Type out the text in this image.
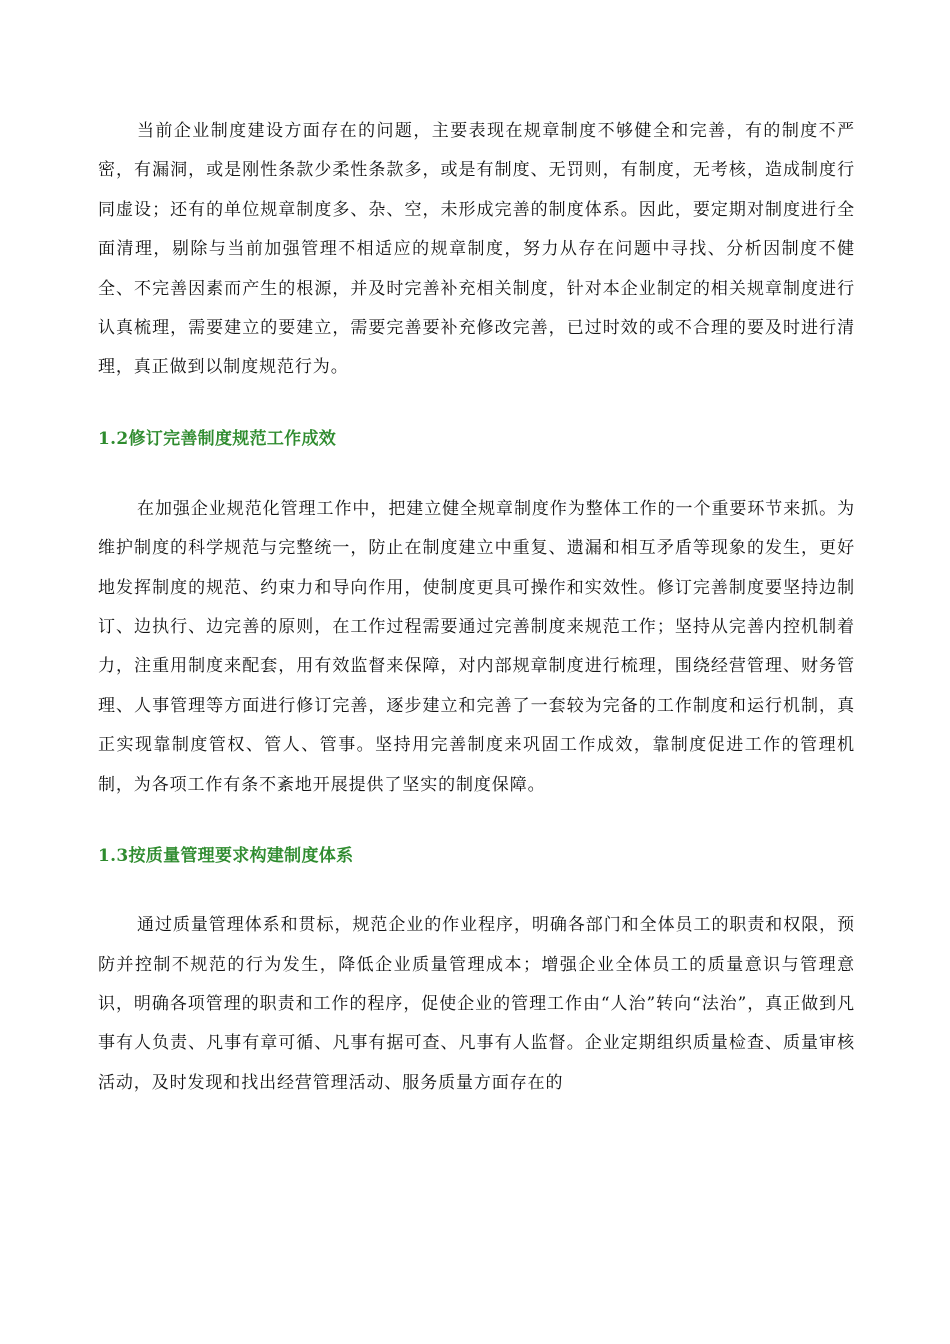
当前企业制度建设方面存在的问题，主要表现在规章制度不够健全和完善，有的制度不严密，有漏洞，或是刚性条款少柔性条款多，或是有制度、无罚则，有制度，无考核，造成制度行同虚设；还有的单位规章制度多、杂、空，未形成完善的制度体系。因此，要定期对制度进行全面清理，剔除与当前加强管理不相适应的规章制度，努力从存在问题中寻找、分析因制度不健全、不完善因素而产生的根源，并及时完善补充相关制度，针对本企业制定的相关规章制度进行认真梳理，需要建立的要建立，需要完善要补充修改完善，已过时效的或不合理的要及时进行清理，真正做到以制度规范行为。

1.2修订完善制度规范工作成效

在加强企业规范化管理工作中，把建立健全规章制度作为整体工作的一个重要环节来抓。为维护制度的科学规范与完整统一，防止在制度建立中重复、遗漏和相互矛盾等现象的发生，更好地发挥制度的规范、约束力和导向作用，使制度更具可操作和实效性。修订完善制度要坚持边制订、边执行、边完善的原则，在工作过程需要通过完善制度来规范工作；坚持从完善内控机制着力，注重用制度来配套，用有效监督来保障，对内部规章制度进行梳理，围绕经营管理、财务管理、人事管理等方面进行修订完善，逐步建立和完善了一套较为完备的工作制度和运行机制，真正实现靠制度管权、管人、管事。坚持用完善制度来巩固工作成效，靠制度促进工作的管理机制，为各项工作有条不紊地开展提供了坚实的制度保障。

1.3按质量管理要求构建制度体系

通过质量管理体系和贯标，规范企业的作业程序，明确各部门和全体员工的职责和权限，预防并控制不规范的行为发生，降低企业质量管理成本；增强企业全体员工的质量意识与管理意识，明确各项管理的职责和工作的程序，促使企业的管理工作由“人治”转向“法治”，真正做到凡事有人负责、凡事有章可循、凡事有据可查、凡事有人监督。企业定期组织质量检查、质量审核活动，及时发现和找出经营管理活动、服务质量方面存在的
